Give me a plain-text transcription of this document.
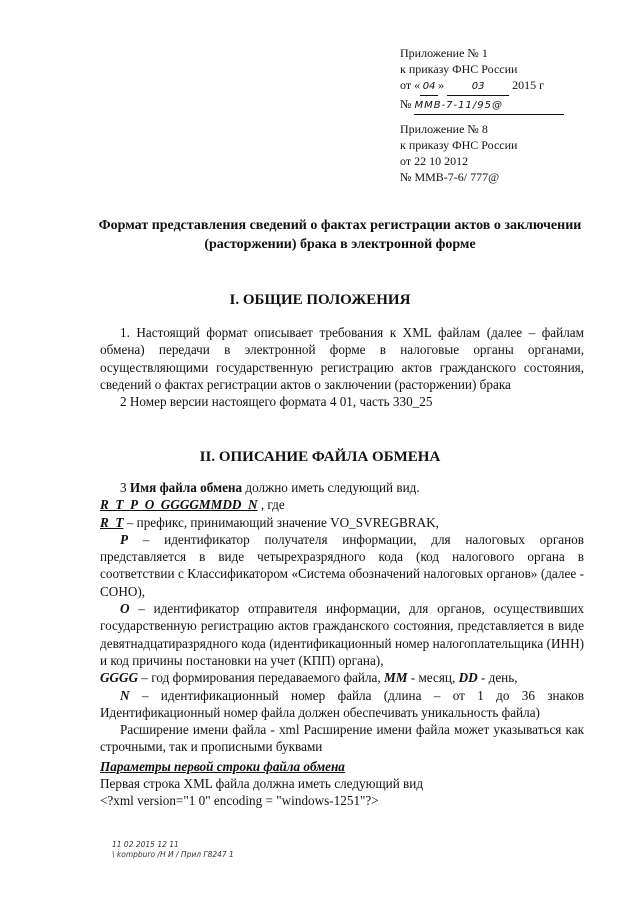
Приложение № 1
к приказу ФНС России
от « 04 »	03 2015 г
№ ММВ-7-11/95@
Приложение № 8
к приказу ФНС России
от 22 10 2012
№ ММВ-7-6/ 777@
Формат представления сведений о фактах регистрации актов о заключении (расторжении) брака в электронной форме
I. ОБЩИЕ ПОЛОЖЕНИЯ

1. Настоящий формат описывает требования к XML файлам (далее – файлам обмена) передачи в электронной форме в налоговые органы органами, осуществляющими государственную регистрацию актов гражданского состояния, сведений о фактах регистрации актов о заключении (расторжении) брака

2 Номер версии настоящего формата 4 01, часть 330_25

II. ОПИСАНИЕ ФАЙЛА ОБМЕНА

3 Имя файла обмена должно иметь следующий вид.

R_T_P_O_GGGGMMDD_N , где

R_T – префикс, принимающий значение VO_SVREGBRAK,

P – идентификатор получателя информации, для налоговых органов представляется в виде четырехразрядного кода (код налогового органа в соответствии с Классификатором «Система обозначений налоговых органов» (далее - СОНО),

O – идентификатор отправителя информации, для органов, осуществивших государственную регистрацию актов гражданского состояния, представляется в виде девятнадцатиразрядного кода (идентификационный номер налогоплательщика (ИНН) и код причины постановки на учет (КПП) органа),

GGGG – год формирования передаваемого файла, MM - месяц, DD - день,

N – идентификационный номер файла (длина – от 1 до 36 знаков Идентификационный номер файла должен обеспечивать уникальность файла)

Расширение имени файла - xml Расширение имени файла может указываться как строчными, так и прописными буквами

Параметры первой строки файла обмена

Первая строка XML файла должна иметь следующий вид

<?xml version="1 0" encoding = "windows-1251"?>

11 02 2015 12 11
\ kompburo /Н И / Прил Г8247 1
